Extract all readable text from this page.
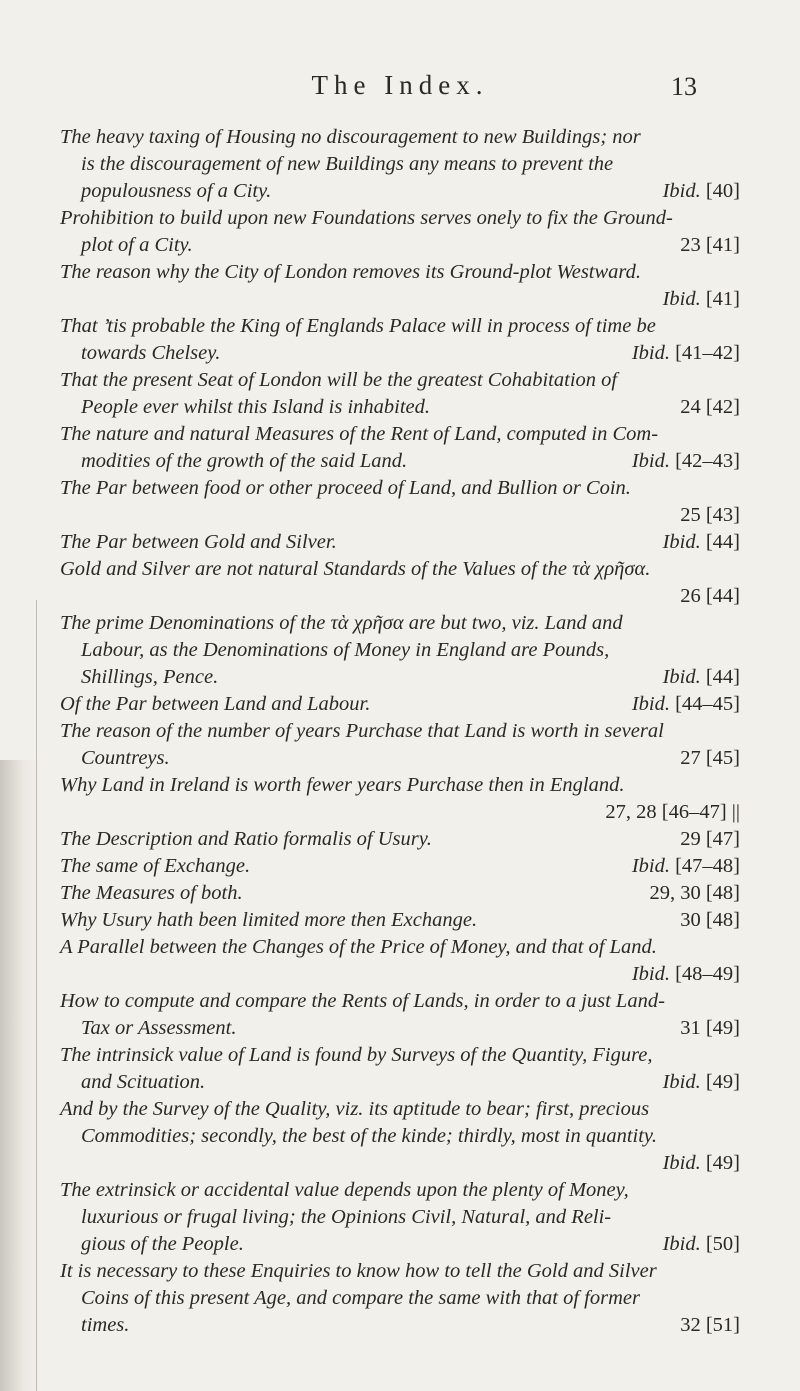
The Index.	13
The heavy taxing of Housing no discouragement to new Buildings; nor
is the discouragement of new Buildings any means to prevent the
populousness of a City.	Ibid. [40]
Prohibition to build upon new Foundations serves onely to fix the Ground-
plot of a City.	23 [41]
The reason why the City of London removes its Ground-plot Westward.
Ibid. [41]
That ’tis probable the King of Englands Palace will in process of time be
towards Chelsey.	Ibid. [41–42]
That the present Seat of London will be the greatest Cohabitation of
People ever whilst this Island is inhabited.	24 [42]
The nature and natural Measures of the Rent of Land, computed in Com-
modities of the growth of the said Land.	Ibid. [42–43]
The Par between food or other proceed of Land, and Bullion or Coin.
25 [43]
The Par between Gold and Silver.	Ibid. [44]
Gold and Silver are not natural Standards of the Values of the τὰ χρῆσα.
26 [44]
The prime Denominations of the τὰ χρῆσα are but two, viz. Land and
Labour, as the Denominations of Money in England are Pounds,
Shillings, Pence.	Ibid. [44]
Of the Par between Land and Labour.	Ibid. [44–45]
The reason of the number of years Purchase that Land is worth in several
Countreys.	27 [45]
Why Land in Ireland is worth fewer years Purchase then in England.
27, 28 [46–47] ||
The Description and Ratio formalis of Usury.	29 [47]
The same of Exchange.	Ibid. [47–48]
The Measures of both.	29, 30 [48]
Why Usury hath been limited more then Exchange.	30 [48]
A Parallel between the Changes of the Price of Money, and that of Land.
Ibid. [48–49]
How to compute and compare the Rents of Lands, in order to a just Land-
Tax or Assessment.	31 [49]
The intrinsick value of Land is found by Surveys of the Quantity, Figure,
and Scituation.	Ibid. [49]
And by the Survey of the Quality, viz. its aptitude to bear; first, precious
Commodities; secondly, the best of the kinde; thirdly, most in quantity.
Ibid. [49]
The extrinsick or accidental value depends upon the plenty of Money,
luxurious or frugal living; the Opinions Civil, Natural, and Reli-
gious of the People.	Ibid. [50]
It is necessary to these Enquiries to know how to tell the Gold and Silver
Coins of this present Age, and compare the same with that of former
times.	32 [51]
